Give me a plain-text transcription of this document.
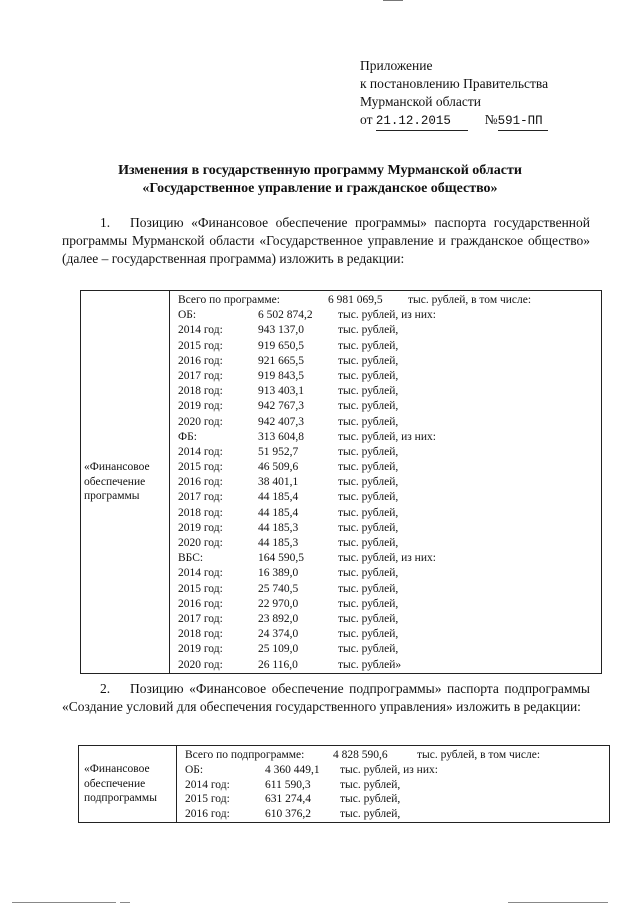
Приложение
к постановлению Правительства
Мурманской области
от 21.12.2015	№591-ПП
Изменения в государственную программу Мурманской области
«Государственное управление и гражданское общество»
1. Позицию «Финансовое обеспечение программы» паспорта государственной программы Мурманской области «Государственное управление и гражданское общество» (далее – государственная программа) изложить в редакции:
«Финансовое обеспечение программы

Всего по программе:	6 981 069,5 тыс. рублей, в том числе:
ОБ:	6 502 874,2 тыс. рублей, из них:
2014 год:	943 137,0	тыс. рублей,
2015 год:	919 650,5	тыс. рублей,
2016 год:	921 665,5	тыс. рублей,
2017 год:	919 843,5	тыс. рублей,
2018 год:	913 403,1	тыс. рублей,
2019 год:	942 767,3	тыс. рублей,
2020 год:	942 407,3	тыс. рублей,
ФБ:	313 604,8	тыс. рублей, из них:
2014 год:	51 952,7	тыс. рублей,
2015 год:	46 509,6	тыс. рублей,
2016 год:	38 401,1	тыс. рублей,
2017 год:	44 185,4	тыс. рублей,
2018 год:	44 185,4	тыс. рублей,
2019 год:	44 185,3	тыс. рублей,
2020 год:	44 185,3	тыс. рублей,
ВБС:	164 590,5	тыс. рублей, из них:
2014 год:	16 389,0	тыс. рублей,
2015 год:	25 740,5	тыс. рублей,
2016 год:	22 970,0	тыс. рублей,
2017 год:	23 892,0	тыс. рублей,
2018 год:	24 374,0	тыс. рублей,
2019 год:	25 109,0	тыс. рублей,
2020 год:	26 116,0	тыс. рублей»
2. Позицию «Финансовое обеспечение подпрограммы» паспорта подпрограммы «Создание условий для обеспечения государственного управления» изложить в редакции:
«Финансовое обеспечение подпрограммы

Всего по подпрограмме: 4 828 590,6	тыс. рублей, в том числе:
ОБ:	4 360 449,1 тыс. рублей, из них:
2014 год:	611 590,3	тыс. рублей,
2015 год:	631 274,4	тыс. рублей,
2016 год:	610 376,2	тыс. рублей,
